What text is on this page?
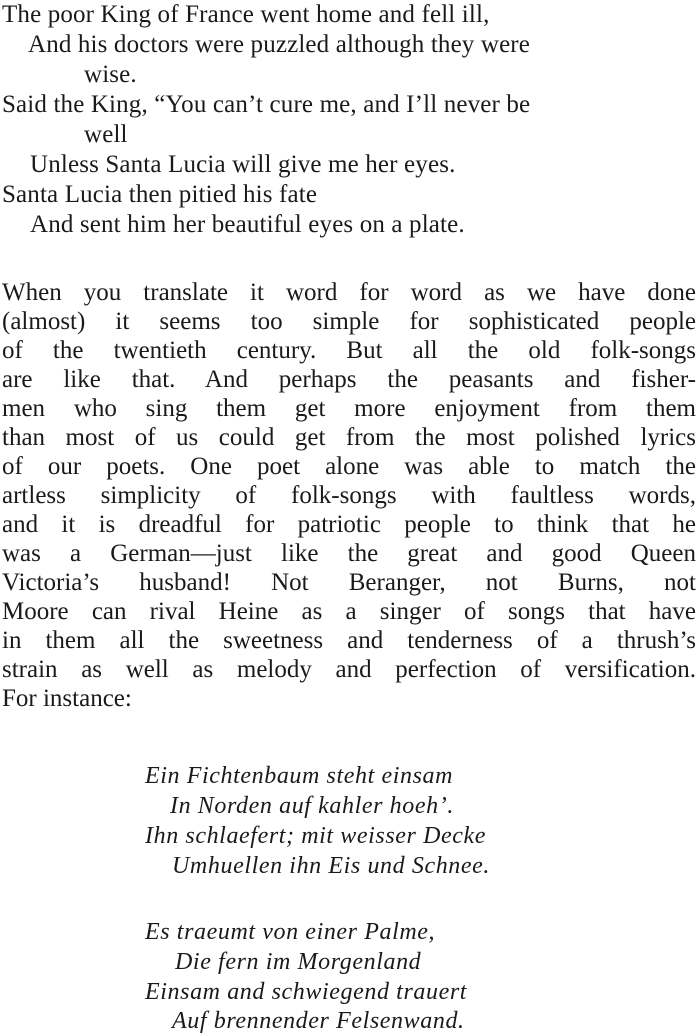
The poor King of France went home and fell ill,
And his doctors were puzzled although they were
wise.
Said the King, “You can’t cure me, and I’ll never be
well
Unless Santa Lucia will give me her eyes.
Santa Lucia then pitied his fate
And sent him her beautiful eyes on a plate.
When you translate it word for word as we have done
(almost) it seems too simple for sophisticated people
of the twentieth century. But all the old folk-songs
are like that. And perhaps the peasants and fisher-
men who sing them get more enjoyment from them
than most of us could get from the most polished lyrics
of our poets. One poet alone was able to match the
artless simplicity of folk-songs with faultless words,
and it is dreadful for patriotic people to think that he
was a German—just like the great and good Queen
Victoria’s husband! Not Beranger, not Burns, not
Moore can rival Heine as a singer of songs that have
in them all the sweetness and tenderness of a thrush’s
strain as well as melody and perfection of versification.
For instance:
Ein Fichtenbaum steht einsam
In Norden auf kahler hoeh’.
Ihn schlaefert; mit weisser Decke
Umhuellen ihn Eis und Schnee.
Es traeumt von einer Palme,
Die fern im Morgenland
Einsam and schwiegend trauert
Auf brennender Felsenwand.
